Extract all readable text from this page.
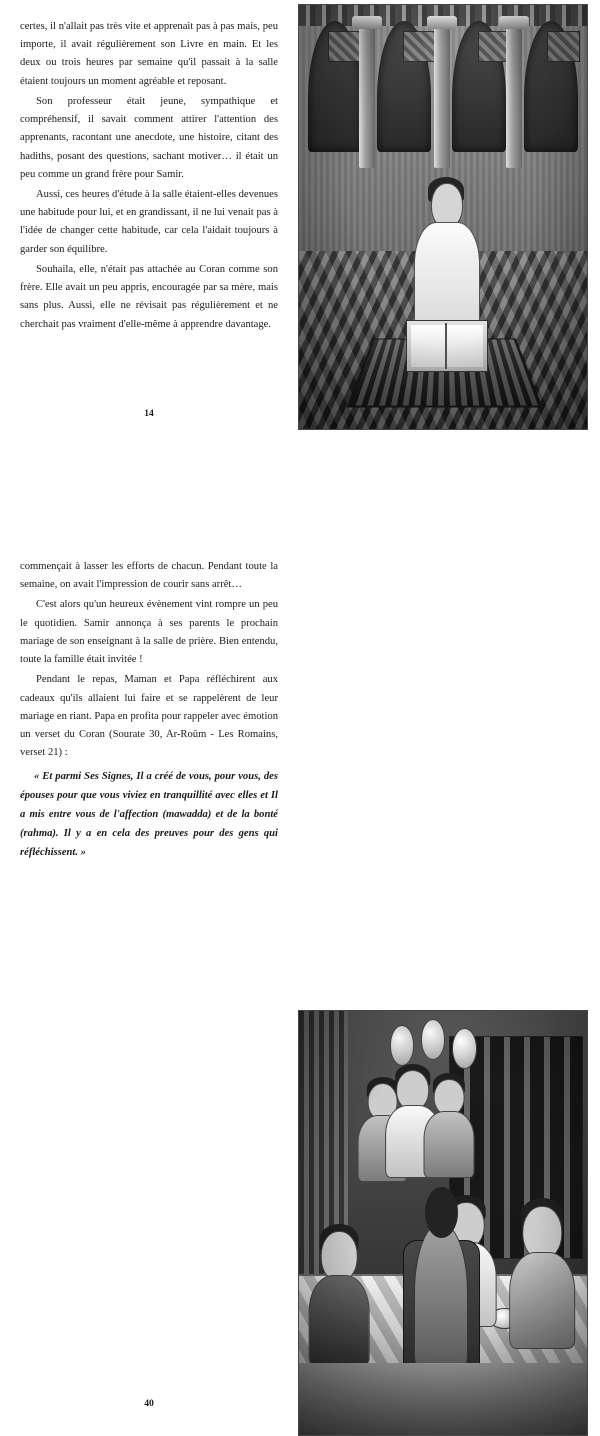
certes, il n'allait pas très vite et apprenait pas à pas mais, peu importe, il avait régulièrement son Livre en main. Et les deux ou trois heures par semaine qu'il passait à la salle étaient toujours un moment agréable et reposant.

Son professeur était jeune, sympathique et compréhensif, il savait comment attirer l'attention des apprenants, racontant une anecdote, une histoire, citant des hadiths, posant des questions, sachant motiver… il était un peu comme un grand frère pour Samir.

Aussi, ces heures d'étude à la salle étaient-elles devenues une habitude pour lui, et en grandissant, il ne lui venait pas à l'idée de changer cette habitude, car cela l'aidait toujours à garder son équilibre.

Souhaila, elle, n'était pas attachée au Coran comme son frère. Elle avait un peu appris, encouragée par sa mère, mais sans plus. Aussi, elle ne révisait pas régulièrement et ne cherchait pas vraiment d'elle-même à apprendre davantage.

14

commençait à lasser les efforts de chacun. Pendant toute la semaine, on avait l'impression de courir sans arrêt…

C'est alors qu'un heureux évènement vint rompre un peu le quotidien. Samir annonça à ses parents le prochain mariage de son enseignant à la salle de prière. Bien entendu, toute la famille était invitée !

Pendant le repas, Maman et Papa réfléchirent aux cadeaux qu'ils allaient lui faire et se rappelèrent de leur mariage en riant. Papa en profita pour rappeler avec émotion un verset du Coran (Sourate 30, Ar-Roûm - Les Romains, verset 21) :

« Et parmi Ses Signes, Il a créé de vous, pour vous, des épouses pour que vous viviez en tranquillité avec elles et Il a mis entre vous de l'affection (mawadda) et de la bonté (rahma). Il y a en cela des preuves pour des gens qui réfléchissent. »

40
